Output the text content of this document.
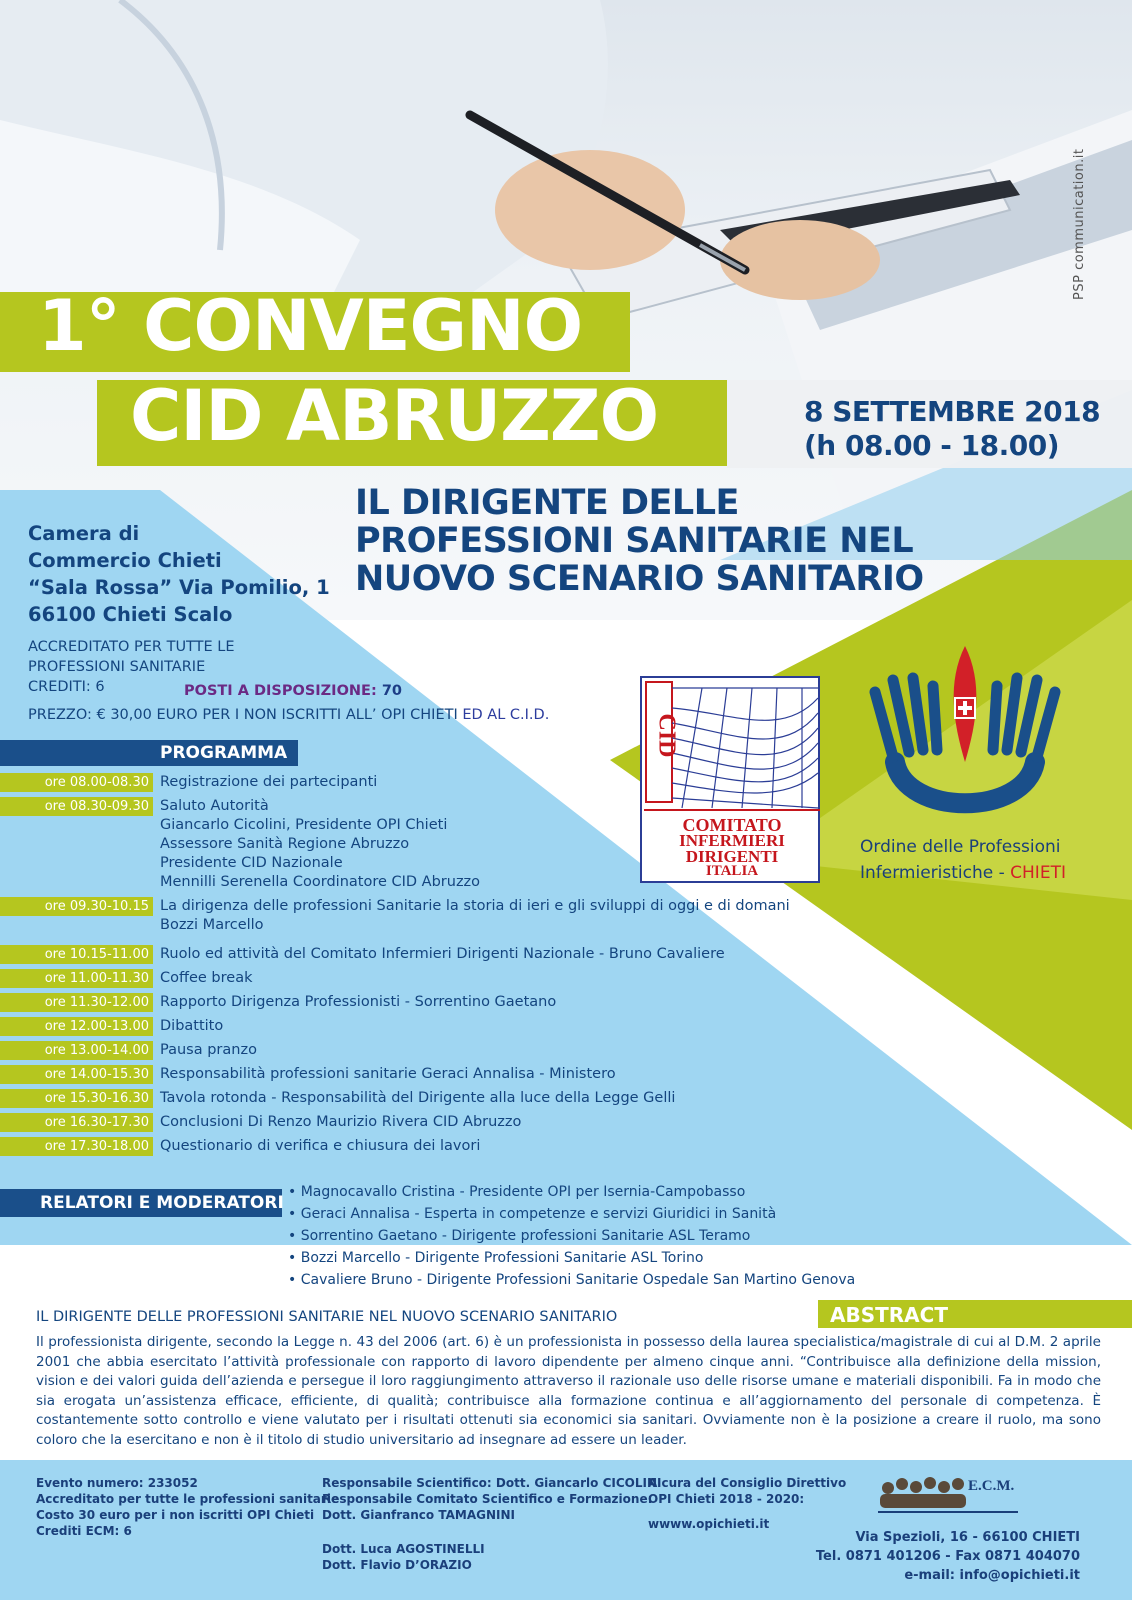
PSP communication.it
1° CONVEGNO
CID ABRUZZO	8 SETTEMBRE 2018
(h 08.00 - 18.00)
IL DIRIGENTE DELLE
PROFESSIONI SANITARIE NEL
NUOVO SCENARIO SANITARIO
Camera di
Commercio Chieti
“Sala Rossa” Via Pomilio, 1
66100 Chieti Scalo
ACCREDITATO PER TUTTE LE
PROFESSIONI SANITARIE
CREDITI: 6	POSTI A DISPOSIZIONE: 70
PREZZO: € 30,00 EURO PER I NON ISCRITTI ALL’ OPI CHIETI ED AL C.I.D.
PROGRAMMA
ore 08.00-08.30 Registrazione dei partecipanti
ore 08.30-09.30 Saluto Autorità
Giancarlo Cicolini, Presidente OPI Chieti
Assessore Sanità Regione Abruzzo
Presidente CID Nazionale
Mennilli Serenella Coordinatore CID Abruzzo
ore 09.30-10.15 La dirigenza delle professioni Sanitarie la storia di ieri e gli sviluppi di oggi e di domani
Bozzi Marcello
ore 10.15-11.00 Ruolo ed attività del Comitato Infermieri Dirigenti Nazionale - Bruno Cavaliere
ore 11.00-11.30 Coffee break
ore 11.30-12.00 Rapporto Dirigenza Professionisti - Sorrentino Gaetano
ore 12.00-13.00 Dibattito
ore 13.00-14.00 Pausa pranzo
ore 14.00-15.30 Responsabilità professioni sanitarie Geraci Annalisa - Ministero
ore 15.30-16.30 Tavola rotonda - Responsabilità del Dirigente alla luce della Legge Gelli
ore 16.30-17.30 Conclusioni Di Renzo Maurizio Rivera CID Abruzzo
ore 17.30-18.00 Questionario di verifica e chiusura dei lavori
RELATORI E MODERATORI
• Magnocavallo Cristina - Presidente OPI per Isernia-Campobasso
• Geraci Annalisa - Esperta in competenze e servizi Giuridici in Sanità
• Sorrentino Gaetano - Dirigente professioni Sanitarie ASL Teramo
• Bozzi Marcello - Dirigente Professioni Sanitarie ASL Torino
• Cavaliere Bruno - Dirigente Professioni Sanitarie Ospedale San Martino Genova
CID
COMITATO
INFERMIERI
DIRIGENTI
ITALIA
Ordine delle Professioni
Infermieristiche - CHIETI
IL DIRIGENTE DELLE PROFESSIONI SANITARIE NEL NUOVO SCENARIO SANITARIO	ABSTRACT
Il professionista dirigente, secondo la Legge n. 43 del 2006 (art. 6) è un professionista in possesso della laurea specialistica/magistrale di cui al D.M. 2 aprile 2001 che abbia esercitato l’attività professionale con rapporto di lavoro dipendente per almeno cinque anni. “Contribuisce alla definizione della mission, vision e dei valori guida dell’azienda e persegue il loro raggiungimento attraverso il razionale uso delle risorse umane e materiali disponibili. Fa in modo che sia erogata un’assistenza efficace, efficiente, di qualità; contribuisce alla formazione continua e all’aggiornamento del personale di competenza. È costantemente sotto controllo e viene valutato per i risultati ottenuti sia economici sia sanitari. Ovviamente non è la posizione a creare il ruolo, ma sono coloro che la esercitano e non è il titolo di studio universitario ad insegnare ad essere un leader.
Evento numero: 233052
Accreditato per tutte le professioni sanitarie
Costo 30 euro per i non iscritti OPI Chieti
Crediti ECM: 6
Responsabile Scientifico: Dott. Giancarlo CICOLINI
Responsabile Comitato Scientifico e Formazione:
Dott. Gianfranco TAMAGNINI
Dott. Luca AGOSTINELLI
Dott. Flavio D’ORAZIO
A cura del Consiglio Direttivo
OPI Chieti 2018 - 2020:
wwww.opichieti.it
E.C.M.
Via Spezioli, 16 - 66100 CHIETI
Tel. 0871 401206 - Fax 0871 404070
e-mail: info@opichieti.it
